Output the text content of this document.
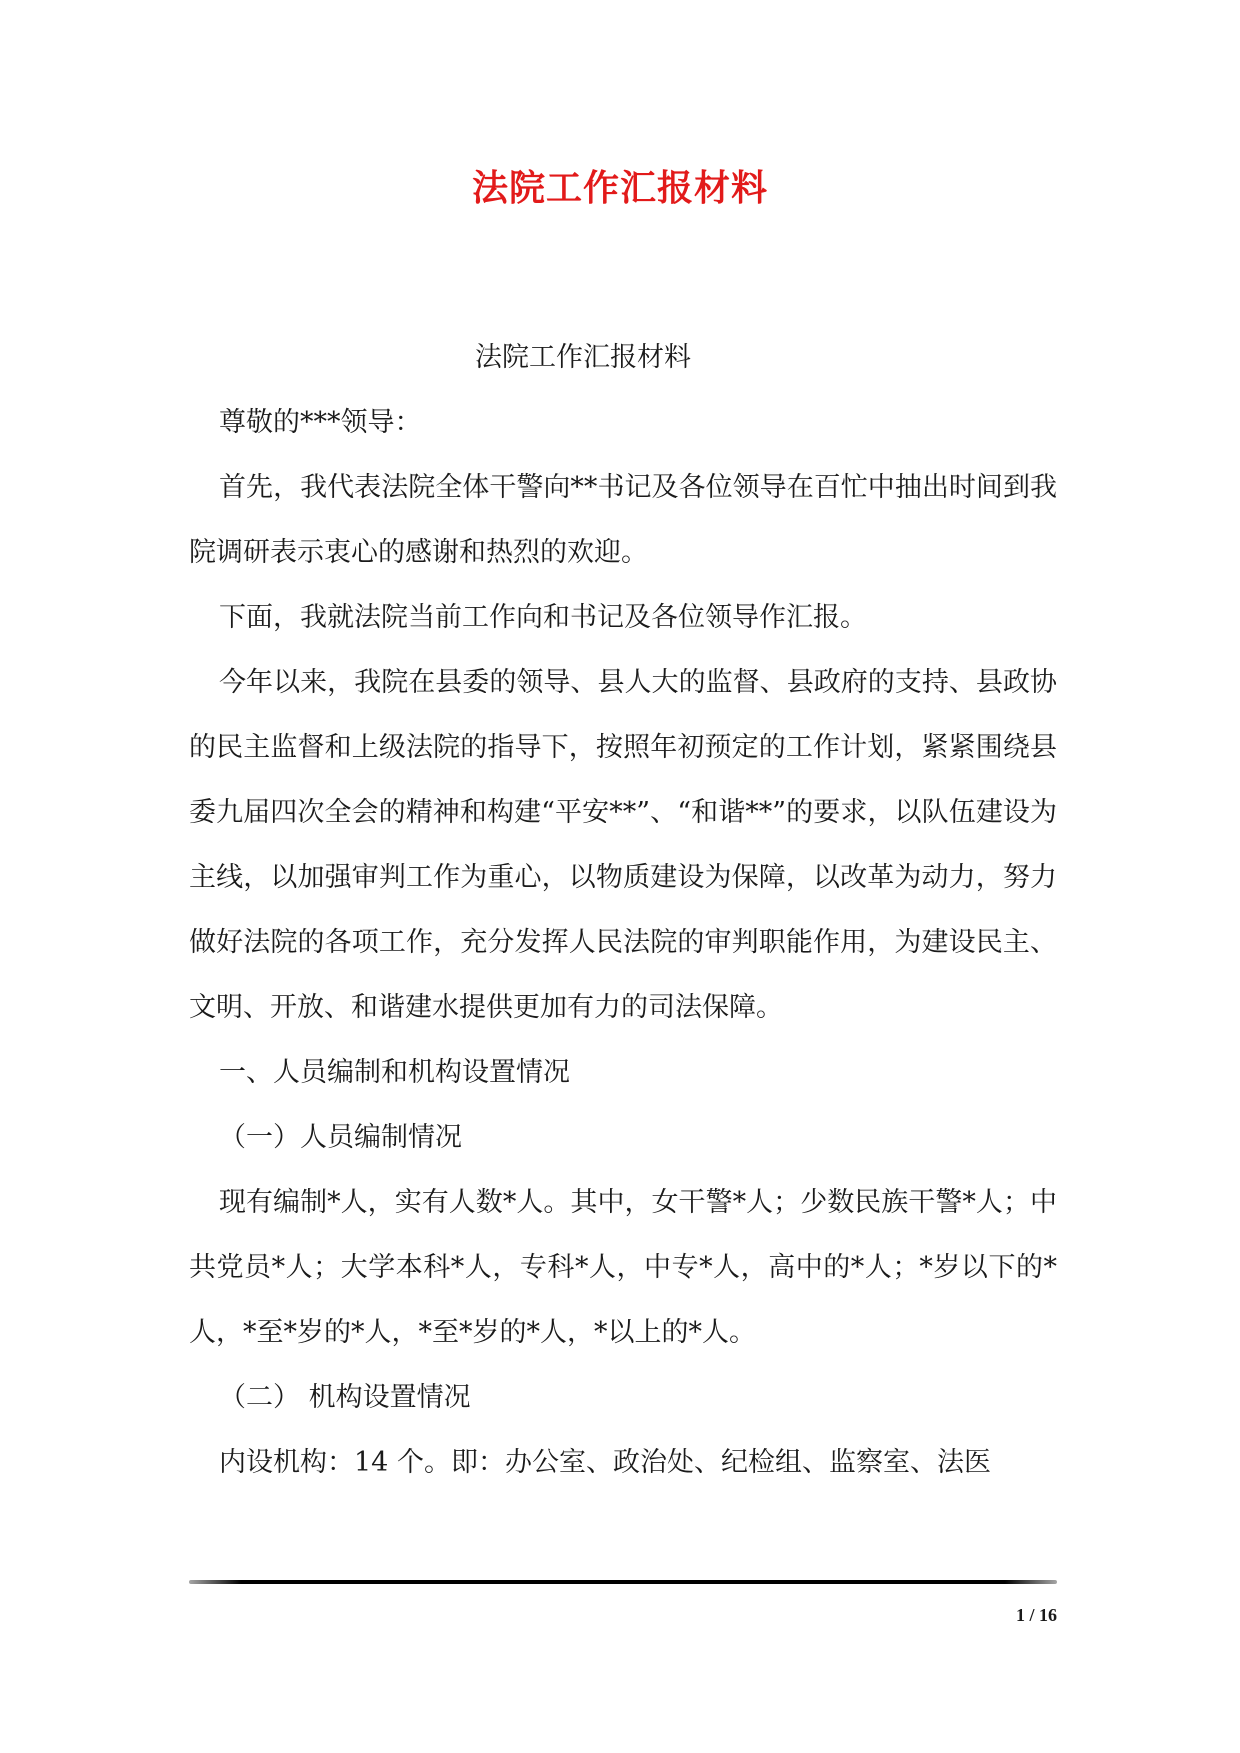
法院工作汇报材料

法院工作汇报材料

尊敬的***领导：

首先，我代表法院全体干警向**书记及各位领导在百忙中抽出时间到我院调研表示衷心的感谢和热烈的欢迎。

下面，我就法院当前工作向和书记及各位领导作汇报。

今年以来，我院在县委的领导、县人大的监督、县政府的支持、县政协的民主监督和上级法院的指导下，按照年初预定的工作计划，紧紧围绕县委九届四次全会的精神和构建“平安**”、“和谐**”的要求，以队伍建设为主线，以加强审判工作为重心，以物质建设为保障，以改革为动力，努力做好法院的各项工作，充分发挥人民法院的审判职能作用，为建设民主、文明、开放、和谐建水提供更加有力的司法保障。

一、人员编制和机构设置情况

（一）人员编制情况

现有编制*人，实有人数*人。其中，女干警*人；少数民族干警*人；中共党员*人；大学本科*人，专科*人，中专*人，高中的*人；*岁以下的*人，*至*岁的*人，*至*岁的*人，*以上的*人。

（二） 机构设置情况

内设机构：14 个。即：办公室、政治处、纪检组、监察室、法医

1 / 16
